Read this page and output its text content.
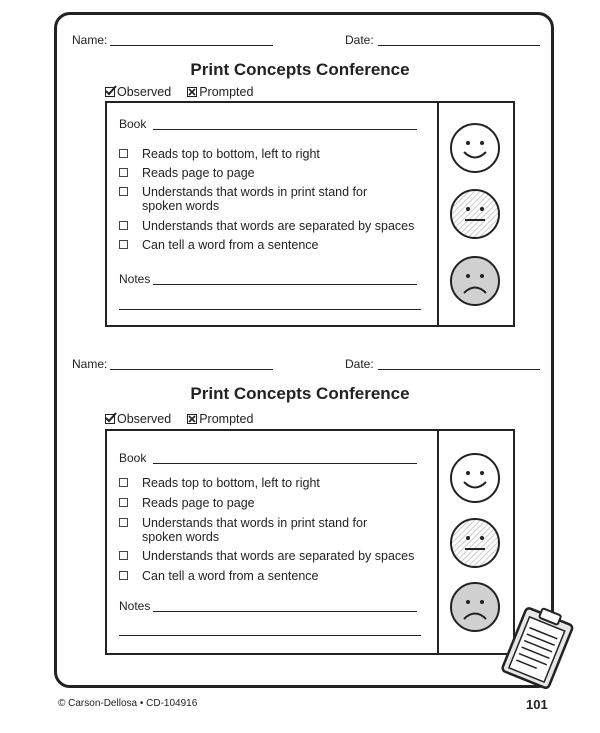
Name:	Date:
Print Concepts Conference
Observed Prompted
Book
Reads top to bottom, left to right
Reads page to page
Understands that words in print stand for spoken words
Understands that words are separated by spaces
Can tell a word from a sentence
Notes
Name:	Date:
Print Concepts Conference
Observed Prompted
Book
Reads top to bottom, left to right
Reads page to page
Understands that words in print stand for spoken words
Understands that words are separated by spaces
Can tell a word from a sentence
Notes
© Carson-Dellosa • CD-104916	101
